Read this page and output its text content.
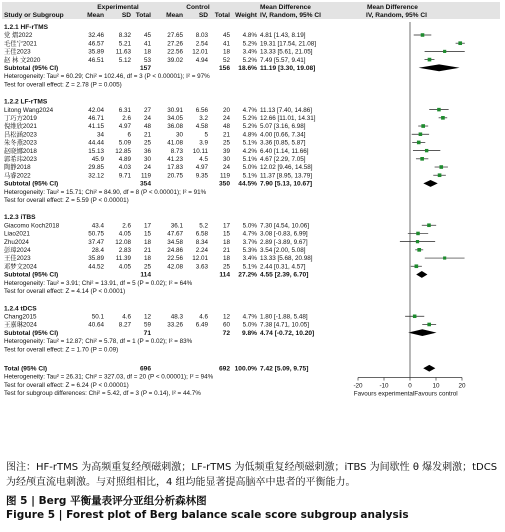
Experimental	Control	Mean Difference	Mean Difference
Study or Subgroup	Mean	SD Total Mean SD Total Weight IV, Random, 95% CI	IV, Random, 95% CI
1.2.1 HF-rTMS
党 熠2022	32.46 8.32 45	27.65 8.03 45 4.8% 4.81 [1.43, 8.19]
毛佳宁2021	46.57 5.21 41	27.26 2.54 41 5.2% 19.31 [17.54, 21.08]
王佳2023	35.89 11.63 18	22.56 12.01 18 3.4% 13.33 [5.61, 21.05]
赵 林 文2020	46.51 5.12 53	39.02 4.94 52 5.2% 7.49 [5.57, 9.41]
Subtotal (95% CI)	157	156 18.6% 11.19 [3.30, 19.08]
Heterogeneity: Tau² = 60.29; Chi² = 102.46, df = 3 (P < 0.00001); I² = 97%
Test for overall effect: Z = 2.78 (P = 0.005)
1.2.2 LF-rTMS
Litong Wang2024	42.04 6.31 27	30.91 6.56 20 4.7% 11.13 [7.40, 14.86]
丁巧方2019	46.71	2.6 24	34.05	3.2 24 5.2% 12.66 [11.01, 14.31]
倪维欣2021	41.15 4.97 48	36.08 4.58 48 5.2% 5.07 [3.16, 6.98]
吕松涵2023	34	6 21	30	5 21 4.8% 4.00 [0.66, 7.34]
朱冬燕2023	44.44 5.09 25	41.08	3.9 25 5.1% 3.36 [0.85, 5.87]
赵晓娜2018	15.13 12.85 36	8.73 10.11 39 4.2% 6.40 [1.14, 11.66]
郭希玮2023	45.9 4.89 30	41.23	4.5 30 5.1% 4.67 [2.29, 7.05]
陶静2018	29.85 4.03 24	17.83 4.97 24 5.0% 12.02 [9.46, 14.58]
马睿2022	32.12 9.71 119	20.75 9.35 119 5.1% 11.37 [8.95, 13.79]
Subtotal (95% CI)	354	350 44.5% 7.90 [5.13, 10.67]
Heterogeneity: Tau² = 15.71; Chi² = 84.90, df = 8 (P < 0.00001); I² = 91%
Test for overall effect: Z = 5.59 (P < 0.00001)
1.2.3 iTBS
Giacomo Koch2018	43.4	2.6 17	36.1	5.2 17 5.0% 7.30 [4.54, 10.06]
Liao2021	50.75 4.05 15	47.67 6.58 15 4.7% 3.08 [-0.83, 6.99]
Zhu2024	37.47 12.08 18	34.58 8.34 18 3.7% 2.89 [-3.89, 9.67]
彭璋2024	28.4 2.83 21	24.86 2.24 21 5.3% 3.54 [2.00, 5.08]
王佳2023	35.89 11.39 18	22.56 12.01 18 3.4% 13.33 [5.68, 20.98]
邓梦文2024	44.52 4.05 25	42.08 3.63 25 5.1% 2.44 [0.31, 4.57]
Subtotal (95% CI)	114	114 27.2% 4.55 [2.39, 6.70]
Heterogeneity: Tau² = 3.91; Chi² = 13.91, df = 5 (P = 0.02); I² = 64%
Test for overall effect: Z = 4.14 (P < 0.0001)
1.2.4 tDCS
Chang2015	50.1	4.6 12	48.3	4.6 12 4.7% 1.80 [-1.88, 5.48]
王嘉琳2024	40.64 8.27 59	33.26 6.49 60 5.0% 7.38 [4.71, 10.05]
Subtotal (95% CI)	71	72 9.8% 4.74 [-0.72, 10.20]
Heterogeneity: Tau² = 12.87; Chi² = 5.78, df = 1 (P = 0.02); I² = 83%
Test for overall effect: Z = 1.70 (P = 0.09)
Total (95% CI)	696	692 100.0% 7.42 [5.09, 9.75]
Heterogeneity: Tau² = 26.31; Chi² = 327.03, df = 20 (P < 0.00001); I² = 94%
Test for overall effect: Z = 6.24 (P < 0.00001)
Test for subgroup differences: Chi² = 5.42, df = 3 (P = 0.14), I² = 44.7%
-20	-10	0	10	20
Favours experimental Favours control
图注：HF-rTMS 为高频重复经颅磁刺激；LF-rTMS 为低频重复经颅磁刺激；iTBS 为间歇性 θ 爆发刺激；tDCS 为经颅直流电刺激。与对照组相比，4 组均能显著提高脑卒中患者的平衡能力。
图 5 | Berg 平衡量表评分亚组分析森林图
Figure 5 | Forest plot of Berg balance scale score subgroup analysis
